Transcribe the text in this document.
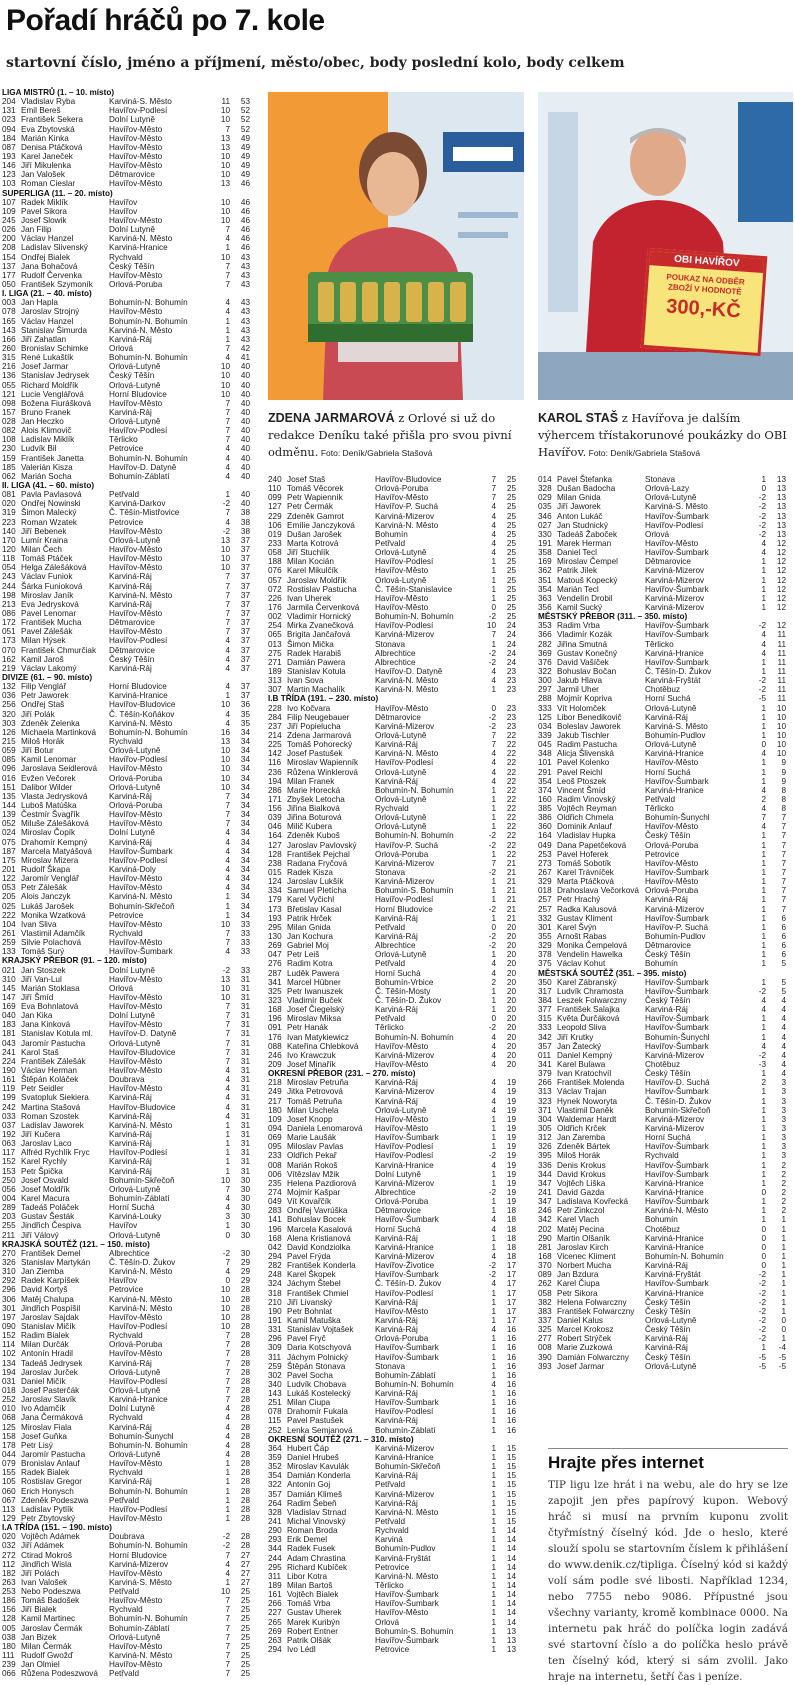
Pořadí hráčů po 7. kole
startovní číslo, jméno a příjmení, město/obec, body poslední kolo, body celkem
LIGA MISTRŮ (1. – 10. místo)
204 Vladislav Ryba	Karviná-S. Město	11	53
131 Emil Bereš	Havířov-Podlesí	10	52
023 František Sekera	Dolní Lutyně	10	52
094 Eva Zbytovská	Havířov-Město	7	52
184 Marián Kinka	Havířov-Město	13	49
087 Denisa Ptáčková	Havířov-Město	13	49
193 Karel Janeček	Havířov-Město	10	49
146 Jiří Mikulenka	Havířov-Město	10	49
123 Jan Valošek	Dětmarovice	10	49
103 Roman Cieslar	Havířov-Město	13	46
SUPERLIGA (11. – 20. místo)
107 Radek Miklík	Havířov	10	46
109 Pavel Sikora	Havířov	10	46
245 Josef Slowik	Havířov-Město	10	46
026 Jan Filip	Dolní Lutyně	7	46
200 Václav Hanzel	Karviná-N. Město	4	46
208 Ladislav Slivenský	Karviná-Hranice	1	46
154 Ondřej Bialek	Rychvald	10	43
137 Jana Bohačová	Český Těšín	7	43
177 Rudolf Červenka	Havířov-Město	7	43
050 František Szymoník	Orlová-Poruba	7	43
I. LIGA (21. – 40. místo)
003 Jan Hapla	Bohumín-N. Bohumín	4	43
078 Jaroslav Strojný	Havířov-Město	4	43
165 Václav Hanzel	Bohumín-N. Bohumín	1	43
143 Stanislav Šimurda	Karviná-N. Město	1	43
166 Jiří Zahatlan	Karviná-Ráj	1	43
260 Bronislav Schimke	Orlová	7	42
315 René Lukaštík	Bohumín-N. Bohumín	4	41
216 Josef Jarmar	Orlová-Lutyně	10	40
136 Stanislav Jedrysek	Český Těšín	10	40
055 Richard Moldřík	Orlová-Lutyně	10	40
121 Lucie Venglářová	Horní Bludovice	10	40
098 Božena Fiurášková	Havířov-Město	7	40
157 Bruno Franek	Karviná-Ráj	7	40
028 Jan Heczko	Orlová-Lutyně	7	40
082 Alois Klimovič	Havířov-Podlesí	7	40
108 Ladislav Miklík	Těrlicko	7	40
230 Ludvík Bil	Petrovice	4	40
159 František Janetta	Bohumín-N. Bohumín	4	40
185 Valerián Kisza	Havířov-D. Datyně	4	40
062 Marián Socha	Bohumín-Záblatí	4	40
II. LIGA (41. – 60. místo)
081 Pavla Pavlasová	Petřvald	1	40
020 Ondřej Nowinski	Karviná-Darkov	-2	40
319 Šimon Malecký	Č. Těšín-Mistřovice	7	38
223 Roman Wzatek	Petrovice	4	38
140 Jiří Bebenek	Havířov-Město	-2	38
170 Lumír Kraina	Orlová-Lutyně	13	37
120 Milan Čech	Havířov-Město	10	37
118 Tomáš Ptáček	Havířov-Město	10	37
054 Helga Zálešáková	Havířov-Město	10	37
243 Václav Funiok	Karviná-Ráj	7	37
244 Šárka Funioková	Karviná-Ráj	7	37
198 Miroslav Janík	Karviná-N. Město	7	37
213 Eva Jedrysková	Karviná-Ráj	7	37
086 Pavel Lenomar	Havířov-Město	7	37
172 František Mucha	Dětmarovice	7	37
051 Pavel Zálešák	Havířov-Město	7	37
173 Milan Hýsek	Havířov-Podlesí	4	37
070 František Chmurčiak	Dětmarovice	4	37
162 Kamil Jaroš	Český Těšín	4	37
219 Václav Lakomý	Karviná-Ráj	4	37
DIVIZE (61. – 90. místo)
132 Filip Venglář	Horní Bludovice	4	37
036 Petr Jaworek	Karviná-Hranice	1	37
256 Ondřej Staš	Havířov-Bludovice	10	36
320 Jiří Polák	Č. Těšín-Koňákov	4	35
303 Zdeněk Zelenka	Karviná-N. Město	4	35
126 Michaela Martinková	Bohumín-N. Bohumín	16	34
215 Miloš Horák	Rychvald	13	34
059 Jiří Botur	Orlová-Lutyně	10	34
085 Kamil Lenomar	Havířov-Podlesí	10	34
096 Jaroslava Seidlerová	Havířov-Město	10	34
016 Evžen Večorek	Orlová-Poruba	10	34
151 Dalibor Wilder	Orlová-Lutyně	10	34
135 Vlasta Jedrysková	Karviná-Ráj	7	34
144 Luboš Matúška	Orlová-Poruba	7	34
139 Čestmír Švagřík	Havířov-Město	7	34
052 Miluše Zálešáková	Havířov-Město	7	34
024 Miroslav Čopík	Dolní Lutyně	4	34
075 Drahomír Kempný	Karviná-Ráj	4	34
187 Marcela Matyášová	Havířov-Šumbark	4	34
175 Miroslav Mizera	Havířov-Podlesí	4	34
201 Rudolf Škapa	Karviná-Doly	4	34
122 Jaromír Venglář	Havířov-Město	4	34
053 Petr Zálešák	Havířov-Město	4	34
205 Alois Janczyk	Karviná-N. Město	1	34
025 Lukáš Jarošek	Bohumín-Skřečoň	1	34
222 Monika Wzatková	Petrovice	1	34
104 Ivan Sliva	Havířov-Město	10	33
261 Vlastimil Adamčík	Rychvald	7	33
259 Silvie Polachová	Havířov-Město	7	33
133 Tomáš Surý	Havířov-Šumbark	4	33
KRAJSKÝ PŘEBOR (91. – 120. místo)
021 Jan Stoszek	Dolní Lutyně	-2	33
310 Jiří Van-Lul	Havířov-Město	13	31
145 Marián Stoklasa	Orlová	10	31
147 Jiří Šmíd	Havířov-Město	10	31
169 Eva Bohnlatová	Havířov-Město	7	31
040 Jan Kika	Dolní Lutyně	7	31
183 Jana Kinková	Havířov-Město	7	31
181 Stanislav Kotula ml.	Havířov-D. Datyně	7	31
043 Jaromír Pastucha	Orlová-Lutyně	7	31
241 Karol Staš	Havířov-Bludovice	7	31
224 František Zálešák	Havířov-Město	7	31
190 Václav Herman	Havířov-Město	4	31
161 Štěpán Koláček	Doubrava	4	31
119 Petr Seidler	Havířov-Město	4	31
199 Svatopluk Siekiera	Karviná-Ráj	4	31
242 Martina Stašová	Havířov-Bludovice	4	31
033 Roman Szostek	Karviná-Ráj	4	31
037 Ladislav Jaworek	Karviná-N. Město	1	31
192 Jiří Kučera	Karviná-Ráj	1	31
063 Jaroslav Laco	Karviná-Ráj	1	31
117 Alfréd Rychlík Fryc	Havířov-Podlesí	1	31
152 Karel Rychly	Karviná-Ráj	1	31
153 Petr Špička	Karviná-Ráj	1	31
250 Josef Osvald	Bohumín-Skřečoň	10	30
056 Josef Moldřík	Orlová-Lutyně	7	30
004 Karel Macura	Bohumín-Záblatí	4	30
289 Tadeáš Poláček	Horní Suchá	4	30
203 Gustav Šesták	Karviná-Louky	3	30
255 Jindřich Čespiva	Havířov	1	30
211 Jiří Válový	Orlová-Lutyně	0	30
KRAJSKÁ SOUTĚŽ (121. – 150. místo)
270 František Demel	Albrechtice	-2	30
326 Stanislav Martykán	Č. Těšín-D. Žukov	7	29
310 Jan Ziemba	Karviná-N. Město	4	29
292 Radek Karpíšek	Havířov	0	29
296 David Kortyš	Petrovice	10	28
306 Matěj Chalupa	Karviná-N. Město	10	28
301 Jindřich Pospíšil	Karviná-N. Město	10	28
197 Jaroslav Sajdak	Havířov-Město	10	28
090 Stanislav Mičík	Havířov-Podlesí	10	28
152 Radim Bialek	Rychvald	7	28
114 Milan Durčák	Orlová-Poruba	7	28
102 Antonín Hradil	Havířov-Město	7	28
134 Tadeáš Jedrysek	Karviná-Ráj	7	28
194 Jaroslav Jurček	Orlová-Lutyně	7	28
031 Daniel Mičík	Havířov-Podlesí	7	28
018 Josef Pasterčák	Orlová-Lutyně	7	28
252 Jaroslav Slavík	Karviná-Hranice	7	28
010 Ivo Adamčík	Dolní Lutyně	4	28
068 Jana Čermáková	Rychvald	4	28
125 Miroslav Fiala	Karviná-Ráj	4	28
158 Josef Guňka	Bohumín-Šunychl	4	28
178 Petr Lisý	Bohumín-N. Bohumín	4	28
044 Jaromír Pastucha	Orlová-Lutyně	4	28
079 Bronislav Anlauf	Havířov-Město	1	28
155 Radek Bialek	Rychvald	1	28
105 Rostislav Gregor	Karviná-Ráj	1	28
060 Erich Honysch	Bohumín-N. Bohumín	1	28
067 Zdeněk Podeszwa	Petřvald	1	28
113 Ladislav Pytlík	Havířov-Podlesí	1	28
129 Petr Zbytovský	Havířov-Město	1	28
I.A TŘÍDA (151. – 190. místo)
020 Vojtěch Adámek	Doubrava	-2	28
032 Jiří Adámek	Bohumín-N. Bohumín	-2	28
272 Ctirad Mokroš	Horní Bludovice	7	27
112 Jindřich Wisla	Karviná-Mizerov	4	27
182 Jiří Polách	Havířov-Město	4	27
263 Ivan Valošek	Karviná-S. Město	1	27
253 Nebo Podeszwa	Petřvald	10	25
186 Tomáš Badošek	Havířov-Město	7	25
156 Jiří Bialek	Rychvald	7	25
128 Kamil Martinec	Bohumín-N. Bohumín	7	25
005 Jaroslav Čermák	Bohumín-Záblatí	7	25
038 Jan Bizek	Orlová-Lutyně	7	25
180 Milan Čermák	Havířov-Město	7	25
111 Rudolf Gwožď	Karviná-N. Město	7	25
239 Jan Olmiel	Havířov-Město	7	25
066 Růžena Podeszwová	Petřvald	7	25
OBI HAVÍŘOV
POUKAZ NA ODBĚR ZBOŽÍ V HODNOTĚ
300,-KČ
ZDENA JARMAROVÁ z Orlové si už do redakce Deníku také přišla pro svou pivní odměnu. Foto: Deník/Gabriela Stašová
KAROL STAŠ z Havířova je dalším výhercem třístakorunové poukázky do OBI Havířov. Foto: Deník/Gabriela Stašová
240 Josef Staš	Havířov-Bludovice	7	25
110 Tomáš Věcorek	Orlová-Poruba	7	25
099 Petr Wapienník	Havířov-Město	7	25
127 Petr Čermák	Havířov-P. Suchá	4	25
229 Zdeněk Gamrot	Karviná-Mizerov	4	25
106 Emílie Janczyková	Karviná-N. Město	4	25
019 Dušan Jarošek	Bohumín	4	25
233 Marta Kotrová	Petřvald	4	25
058 Jiří Stuchlík	Orlová-Lutyně	4	25
188 Milan Kocián	Havířov-Podlesí	1	25
076 Karel Mikulčík	Havířov-Město	1	25
057 Jaroslav Moldřík	Orlová-Lutyně	1	25
072 Rostislav Pastucha	Č. Těšín-Stanislavice	1	25
226 Ivan Uherek	Havířov-Město	1	25
176 Jarmila Červenková	Havířov-Město	0	25
002 Vladimír Hornický	Bohumín-N. Bohumín	-2	25
254 Mirka Zvanečková	Havířov-Podlesí	10	24
065 Brigita Jančařová	Karviná-Mizerov	7	24
013 Šimon Mička	Stonava	1	24
275 Radek Harabiš	Albrechtice	-2	24
271 Damián Pawera	Albrechtice	-2	24
189 Stanislav Kotula	Havířov-D. Datyně	4	23
313 Ivan Sova	Karviná-N. Město	4	23
307 Martin Machalík	Karviná-N. Město	1	23
I.B TŘÍDA (191. – 230. místo)
228 Ivo Kočvara	Havířov-Město	0	23
284 Filip Neugebauer	Dětmarovice	-2	23
237 Jiří Popielucha	Karviná-Mizerov	-2	23
214 Zdena Jarmarová	Orlová-Lutyně	7	22
225 Tomáš Pohorecký	Karviná-Ráj	7	22
142 Josef Pastušek	Karviná-N. Město	4	22
116 Miroslav Wapienník	Havířov-Podlesí	4	22
236 Růžena Winklerová	Orlová-Lutyně	4	22
194 Milan Franek	Karviná-Ráj	4	22
286 Marie Horecká	Bohumín-N. Bohumín	1	22
171 Zbyšek Letocha	Orlová-Lutyně	1	22
156 Jiřina Bialková	Rychvald	1	22
039 Jiřina Boturová	Orlová-Lutyně	1	22
046 Milič Kubera	Orlová-Lutyně	1	22
164 Zdeněk Kuboš	Bohumín-N. Bohumín	-2	22
127 Jaroslav Pavlovský	Havířov-P. Suchá	-2	22
128 František Pejchal	Orlová-Poruba	1	22
238 Radana Fryčová	Karviná-Mizerov	7	21
015 Radek Kisza	Stonava	-2	21
124 Jaroslav Lukšík	Karviná-Mizerov	1	21
334 Samuel Pletícha	Bohumín-S. Bohumín	1	21
179 Karel Vyčichl	Havířov-Podlesí	1	21
173 Břetislav Kasal	Horní Bludovice	-2	21
193 Patrik Hrček	Karviná-Ráj	1	21
295 Milan Gnida	Petřvald	0	20
130 Jan Kochura	Karviná-Ráj	-2	20
269 Gabriel Moj	Albrechtice	-2	20
047 Petr Leiš	Orlová-Lutyně	1	20
276 Radim Kotra	Petřvald	4	20
287 Luděk Pawera	Horní Suchá	4	20
341 Marcel Hübner	Bohumín-Vrbice	2	20
325 Petr Iwanuszek	Č. Těšín-Mosty	1	20
323 Vladimír Buček	Č. Těšín-D. Žukov	1	20
168 Josef Čiegelský	Karviná-Ráj	1	20
196 Miroslav Miksa	Petřvald	0	20
091 Petr Hanák	Těrlicko	-2	20
176 Ivan Matykiewicz	Bohumín-N. Bohumín	4	20
088 Kateřina Chlebková	Havířov-Město	4	20
246 Ivo Krawczuk	Karviná-Mizerov	4	20
209 Josef Minařík	Havířov-Město	4	20
OKRESNÍ PŘEBOR (231. – 270. místo)
218 Miroslav Petruňa	Karviná-Ráj	4	19
249 Jitka Petrovová	Karviná-Mizerov	4	19
217 Tomáš Petruňa	Karviná-Ráj	4	19
180 Milan Uschela	Orlová-Lutyně	4	19
109 Josef Knopp	Havířov-Město	1	19
094 Daniela Lenomarová	Havířov-Město	1	19
069 Marie Laušák	Havířov-Šumbark	1	19
095 Miloslav Pavlas	Havířov-Podlesí	1	19
233 Oldřich Pekař	Havířov-Podlesí	-2	19
008 Marián Rokoš	Karviná-Hranice	4	19
006 Vítězslav Mžik	Dolní Lutyně	1	19
235 Helena Pazdiorová	Karviná-Mizerov	1	19
274 Mojmír Kašpar	Albrechtice	-2	19
049 Vít Kovařčík	Orlová-Poruba	1	19
283 Ondřej Vavrúška	Dětmarovice	1	18
141 Bohuslav Bocek	Havířov-Šumbark	4	18
196 Marcela Kasalová	Horní Suchá	4	18
168 Alena Kristianová	Karviná-Ráj	1	18
042 David Kondziolka	Karviná-Hranice	1	18
294 Pavel Frýda	Karviná-Mizerov	4	18
282 František Konderla	Havířov-Životice	-2	17
248 Karel Škopek	Havířov-Šumbark	-2	17
324 Jáchym Štebel	Č. Těšín-D. Žukov	4	17
318 František Chmiel	Havířov-Podlesí	1	17
210 Jiří Livanský	Karviná-Ráj	1	17
190 Petr Bohnlat	Havířov-Město	1	17
191 Kamil Matuška	Karviná-Ráj	1	17
331 Stanislav Vojtašek	Karviná-Ráj	4	16
296 Pavel Fryč	Orlová-Poruba	1	16
309 Daria Kotschyová	Havířov-Šumbark	1	16
311 Jáchym Polnický	Havířov-Šumbark	1	16
259 Štěpán Stonava	Stonava	1	16
302 Pavel Socha	Bohumín-Záblatí	1	16
340 Ludvík Chobava	Bohumín-N. Bohumín	4	16
143 Lukáš Kostelecký	Karviná-Ráj	1	16
251 Milan Ciupa	Havířov-Šumbark	1	16
078 Drahomír Fukala	Havířov-Podlesí	1	16
115 Pavel Pastušek	Karviná-Ráj	1	16
252 Lenka Semjanová	Bohumín-Záblatí	1	16
OKRESNÍ SOUTĚŽ (271. – 310. místo)
364 Hubert Čáp	Karviná-Mizerov	1	15
359 Daniel Hrubeš	Karviná-Hranice	1	15
352 Miroslav Kavulák	Bohumín-Skřečoň	1	15
354 Damián Konderla	Karviná-Ráj	1	15
322 Antonín Goj	Petřvald	1	15
357 Damián Klimeš	Karviná-Mizerov	1	15
264 Radim Šebeň	Karviná-Ráj	1	15
328 Vladislav Strnad	Karviná-N. Město	1	15
241 Michal Vinovský	Petřvald	1	15
290 Roman Broda	Rychvald	1	14
293 Erik Demel	Karviná	1	14
344 Radek Fusek	Bohumín-Pudlov	1	14
244 Adam Chrastina	Karviná-Fryštát	1	14
295 Richard Kubíček	Petrovice	1	14
311 Libor Kotra	Karviná-N. Město	1	14
189 Milan Bartoš	Těrlicko	1	14
161 Vojtěch Bialek	Havířov-Šumbark	1	14
266 Tomáš Vrba	Havířov-Šumbark	1	14
227 Gustav Uherek	Havířov-Město	1	14
265 Marek Kuribýn	Orlová	1	14
269 Robert Entner	Bohumín-S. Bohumín	1	13
263 Patrik Olšák	Havířov-Šumbark	1	13
294 Ivo Lédl	Petrovice	1	13
014 Pavel Štefanka	Stonava	1	13
328 Dušan Badocha	Orlová-Lazy	0	13
029 Milan Gnida	Orlová-Lutyně	-2	13
035 Jiří Jaworek	Karviná-S. Město	-2	13
346 Anton Lukáč	Havířov-Šumbark	-2	13
027 Jan Studnický	Havířov-Podlesí	-2	13
330 Tadeáš Žaboček	Orlová	-2	13
191 Marek Herman	Havířov-Město	4	12
358 Daniel Tecl	Havířov-Šumbark	4	12
169 Miroslav Čempel	Dětmarovice	1	12
362 Patrik Jílek	Karviná-Mizerov	1	12
351 Matouš Kopecký	Karviná-Mizerov	1	12
354 Marián Tecl	Havířov-Šumbark	1	12
363 Vendelín Drobil	Karviná-Mizerov	1	12
356 Kamil Sucký	Karviná-Mizerov	1	12
MĚSTSKÝ PŘEBOR (311. – 350. místo)
353 Radim Vrba	Havířov-Šumbark	-2	12
366 Vladimír Kozák	Havířov-Šumbark	4	11
282 Jiřina Smutná	Těrlicko	4	11
369 Gustav Konečný	Karviná-Hranice	4	11
376 David Vašíček	Havířov-Šumbark	1	11
322 Bohuslav Bočan	Č. Těšín-D. Žukov	1	11
300 Jakub Hlava	Karviná-Fryštát	-2	11
297 Jarmil Uher	Chotěbuz	-2	11
288 Mojmír Kopriva	Horní Suchá	-5	11
333 Vít Holomček	Orlová-Lutyně	1	10
125 Libor Benedikovič	Karviná-Ráj	1	10
034 Boleslav Jaworek	Karviná-S. Město	1	10
339 Jakub Tischler	Bohumín-Pudlov	1	10
045 Radim Pastucha	Orlová-Lutyně	0	10
348 Alicja Šlivenská	Karviná-Hranice	4	10
101 Pavel Kolenko	Havířov-Město	1	9
291 Pavel Reichl	Horní Suchá	1	9
354 Leoš Ptoszek	Havířov-Šumbark	1	9
374 Vincent Šmíd	Karviná-Hranice	4	8
160 Radim Vinovský	Petřvald	2	8
385 Vojtěch Reyman	Těrlicko	4	8
386 Oldřich Chmela	Bohumín-Šunychl	7	7
360 Dominik Anlauf	Havířov-Město	4	7
164 Vladislav Hupka	Český Těšín	1	7
049 Dana Papetčeková	Orlová-Poruba	1	7
253 Pavel Hoferek	Petrovice	1	7
273 Tomáš Sobotík	Havířov-Město	1	7
267 Karel Trávníček	Havířov-Šumbark	1	7
329 Marta Ptáčková	Havířov-Město	1	7
018 Drahoslava Večorková Orlová-Poruba	1	7
257 Petr Hrachý	Karviná-Ráj	1	7
257 Radka Kalusová	Karviná-Mizerov	1	7
332 Gustav Kliment	Havířov-Šumbark	1	6
301 Karel Švýn	Havířov-P. Suchá	1	6
355 Arnošt Rabas	Bohumín-Pudlov	1	6
329 Monika Čempelová	Dětmarovice	1	6
378 Vendelín Hawelka	Český Těšín	1	6
375 Václav Kohut	Bohumín	1	5
MĚSTSKÁ SOUTĚŽ (351. – 395. místo)
350 Karel Zábranský	Havířov-Šumbark	1	5
317 Ludvík Chramosta	Havířov-Šumbark	-2	5
384 Leszek Folwarczny	Český Těšín	4	4
377 František Salajka	Karviná-Ráj	4	4
315 Květa Ďurčáková	Havířov-Šumbark	1	4
333 Leopold Sliva	Havířov-Šumbark	1	4
342 Jiří Krutky	Bohumín-Šunychl	1	4
357 Jan Žatecký	Havířov-Šumbark	4	4
011 Daniel Kempný	Karviná-Mizerov	-2	4
341 Karel Bulawa	Chotěbuz	-3	4
379 Ivan Kratochvíl	Český Těšín	1	4
266 František Molenda	Havířov-D. Suchá	2	3
313 Václav Trajan	Havířov-Šumbark	1	3
323 Hynek Noworyta	Č. Těšín-D. Žukov	1	3
371 Vlastimil Daněk	Bohumín-Skřečoň	1	3
304 Waldemar Hardt	Karviná-Mizerov	1	3
305 Oldřich Krček	Karviná-Mizerov	1	3
312 Jan Zaremba	Horní Suchá	1	3
326 Zdeněk Bártek	Havířov-Šumbark	1	3
395 Miloš Horák	Rychvald	1	3
336 Denis Krokus	Havířov-Šumbark	1	2
344 David Krokus	Havířov-Šumbark	1	2
347 Vojtěch Liška	Karviná-Hranice	1	2
241 David Gazda	Karviná-Hranice	0	2
347 Ladislava Kovřecká	Havířov-Šumbark	1	2
246 Petr Zinkczol	Karviná-N. Město	1	2
342 Karel Vlach	Bohumín	1	1
202 Matěj Pecina	Chotěbuz	0	1
290 Martin Olšaník	Karviná-Hranice	0	1
281 Jaroslav Kirch	Karviná-Hranice	0	1
168 Vicenec Kliment	Bohumín-N. Bohumín	0	1
370 Norbert Mucha	Karviná-Ráj	0	1
089 Jan Bzdura	Karviná-Fryštát	-2	1
262 Karel Čiupa	Havířov-Šumbark	-2	1
058 Petr Sikora	Karviná-Hranice	-2	1
382 Helena Folwarczny	Český Těšín	-2	1
383 František Folwarczny	Český Těšín	-2	1
337 Daniel Kalus	Orlová-Lutyně	-2	0
325 Marcel Krokosz	Český Těšín	-2	0
277 Robert Strýček	Karviná-Ráj	-2	1
008 Marie Zuzkowá	Karviná-Ráj	1	-4
390 Damián Folwarczny	Český Těšín	-5	-5
393 Josef Jarmar	Orlová-Lutyně	-5	-5
Hrajte přes internet

TIP ligu lze hrát i na webu, ale do hry se lze zapojit jen přes papírový kupon. Webový hráč si musí na prvním kuponu zvolit čtyřmístný číselný kód. Jde o heslo, které slouží spolu se startovním číslem k přihlášení do www.denik.cz/tipliga. Číselný kód si každý volí sám podle své libosti. Například 1234, nebo 7755 nebo 9086. Přípustné jsou všechny varianty, kromě kombinace 0000. Na internetu pak hráč do políčka login zadává své startovní číslo a do políčka heslo právě ten číselný kód, který si sám zvolil. Jako hraje na internetu, šetří čas i peníze.
